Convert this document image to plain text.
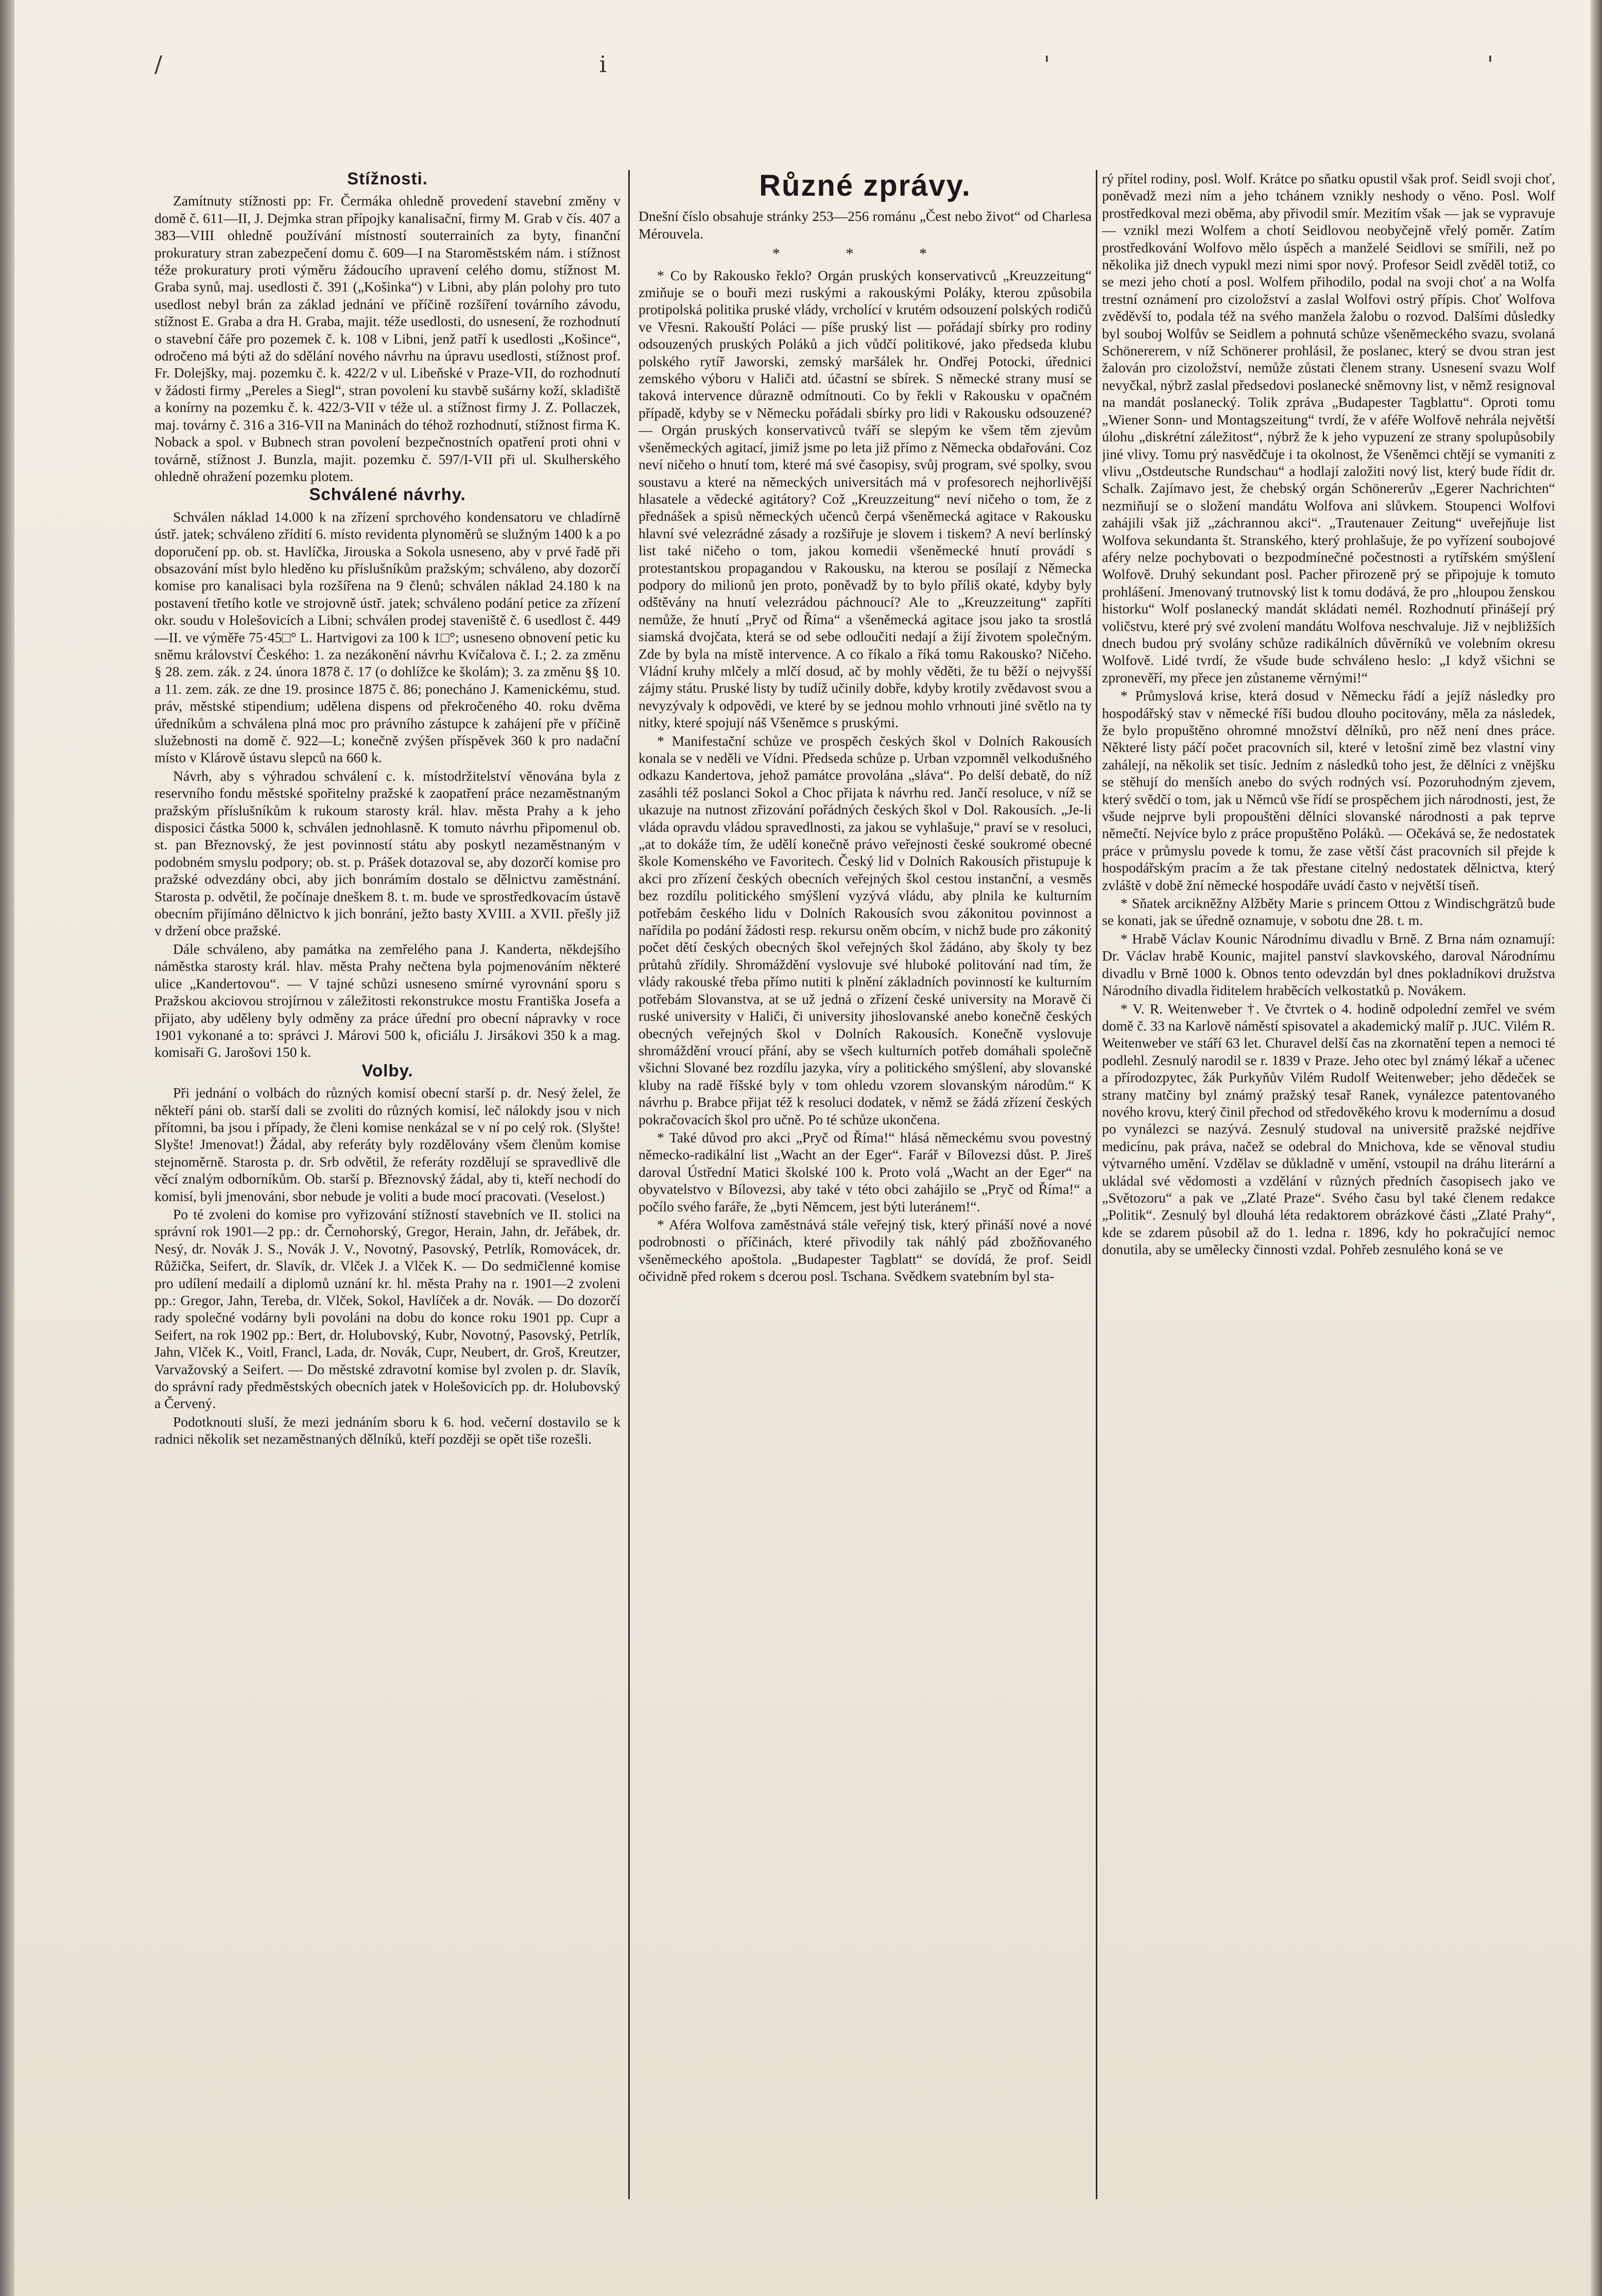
/	i	'	'
Stížnosti.

Zamítnuty stížnosti pp: Fr. Čermáka ohledně provedení stavební změny v domě č. 611—II, J. Dejmka stran přípojky kanalisační, firmy M. Grab v čís. 407 a 383—VIII ohledně používání místností souterrainích za byty, finanční prokuratury stran zabezpečení domu č. 609—I na Staroměstském nám. i stížnost téže prokuratury proti výměru žádoucího upravení celého domu, stížnost M. Graba synů, maj. usedlosti č. 391 („Košinka“) v Libni, aby plán polohy pro tuto usedlost nebyl brán za základ jednání ve příčině rozšíření továrního závodu, stížnost E. Graba a dra H. Graba, majit. téže usedlosti, do usnesení, že rozhodnutí o stavební čáře pro pozemek č. k. 108 v Libni, jenž patří k usedlosti „Košince“, odročeno má býti až do sdělání nového návrhu na úpravu usedlosti, stížnost prof. Fr. Dolejšky, maj. pozemku č. k. 422/2 v ul. Libeňské v Praze-VII, do rozhodnutí v žádosti firmy „Pereles a Siegl“, stran povolení ku stavbě sušárny koží, skladiště a konírny na pozemku č. k. 422/3-VII v téže ul. a stížnost firmy J. Z. Pollaczek, maj. továrny č. 316 a 316-VII na Maninách do téhož rozhodnutí, stížnost firma K. Noback a spol. v Bubnech stran povolení bezpečnostních opatření proti ohni v továrně, stížnost J. Bunzla, majit. pozemku č. 597/I-VII při ul. Skulherského ohledně ohražení pozemku plotem.

Schválené návrhy.

Schválen náklad 14.000 k na zřízení sprchového kondensatoru ve chladírně ústř. jatek; schváleno zřídití 6. místo revidenta plynoměrů se služným 1400 k a po doporučení pp. ob. st. Havlíčka, Jirouska a Sokola usneseno, aby v prvé řadě při obsazování míst bylo hleděno ku příslušníkům pražským; schváleno, aby dozorčí komise pro kanalisaci byla rozšířena na 9 členů; schválen náklad 24.180 k na postavení třetího kotle ve strojovně ústř. jatek; schváleno podání petice za zřízení okr. soudu v Holešovicích a Libni; schválen prodej staveniště č. 6 usedlost č. 449—II. ve výměře 75·45□° L. Hartvigovi za 100 k 1□°; usneseno obnovení petic ku sněmu království Českého: 1. za nezákonění návrhu Kvíčalova č. I.; 2. za změnu § 28. zem. zák. z 24. února 1878 č. 17 (o dohlížce ke školám); 3. za změnu §§ 10. a 11. zem. zák. ze dne 19. prosince 1875 č. 86; ponecháno J. Kamenickému, stud. práv, městské stipendium; udělena dispens od překročeného 40. roku dvěma úředníkům a schválena plná moc pro právního zástupce k zahájení pře v příčině služebnosti na domě č. 922—L; konečně zvýšen příspěvek 360 k pro nadační místo v Klárově ústavu slepců na 660 k.

Návrh, aby s výhradou schválení c. k. místodržitelství věnována byla z reservního fondu městské spořitelny pražské k zaopatření práce nezaměstnaným pražským příslušníkům k rukoum starosty král. hlav. města Prahy a k jeho disposici částka 5000 k, schválen jednohlasně. K tomuto návrhu připomenul ob. st. pan Březnovský, že jest povinností státu aby poskytl nezaměstnaným v podobném smyslu podpory; ob. st. p. Prášek dotazoval se, aby dozorčí komise pro pražské odvezdány obci, aby jich bonrámím dostalo se dělnictvu zaměstnání. Starosta p. odvětil, že počínaje dneškem 8. t. m. bude ve sprostředkovacím ústavě obecním přijímáno dělnictvo k jich bonrání, ježto basty XVIII. a XVII. přešly již v držení obce pražské.

Dále schváleno, aby památka na zemřelého pana J. Kanderta, někdejšího náměstka starosty král. hlav. města Prahy nečtena byla pojmenováním některé ulice „Kandertovou“. — V tajné schůzi usneseno smírné vyrovnání sporu s Pražskou akciovou strojírnou v záležitosti rekonstrukce mostu Františka Josefa a přijato, aby uděleny byly odměny za práce úřední pro obecní nápravky v roce 1901 vykonané a to: správci J. Márovi 500 k, oficiálu J. Jirsákovi 350 k a mag. komisaři G. Jarošovi 150 k.

Volby.

Při jednání o volbách do různých komisí obecní starší p. dr. Nesý želel, že někteří páni ob. starší dali se zvoliti do různých komisí, leč nálokdy jsou v nich přítomni, ba jsou i případy, že členi komise nenkázal se v ní po celý rok. (Slyšte! Slyšte! Jmenovat!) Žádal, aby referáty byly rozdělovány všem členům komise stejnoměrně. Starosta p. dr. Srb odvětil, že referáty rozdělují se spravedlivě dle věcí znalým odborníkům. Ob. starší p. Březnovský žádal, aby ti, kteří nechodí do komisí, byli jmenováni, sbor nebude je voliti a bude mocí pracovati. (Veselost.)

Po té zvoleni do komise pro vyřizování stížností stavebních ve II. stolici na správní rok 1901—2 pp.: dr. Černohorský, Gregor, Herain, Jahn, dr. Jeřábek, dr. Nesý, dr. Novák J. S., Novák J. V., Novotný, Pasovský, Petrlík, Romovácek, dr. Růžička, Seifert, dr. Slavík, dr. Vlček J. a Vlček K. — Do sedmičlenné komise pro udílení medailí a diplomů uznání kr. hl. města Prahy na r. 1901—2 zvoleni pp.: Gregor, Jahn, Tereba, dr. Vlček, Sokol, Havlíček a dr. Novák. — Do dozorčí rady společné vodárny byli povoláni na dobu do konce roku 1901 pp. Cupr a Seifert, na rok 1902 pp.: Bert, dr. Holubovský, Kubr, Novotný, Pasovský, Petrlík, Jahn, Vlček K., Voitl, Francl, Lada, dr. Novák, Cupr, Neubert, dr. Groš, Kreutzer, Varvažovský a Seifert. — Do městské zdravotní komise byl zvolen p. dr. Slavík, do správní rady předměstských obecních jatek v Holešovicích pp. dr. Holubovský a Červený.

Podotknouti sluší, že mezi jednáním sboru k 6. hod. večerní dostavilo se k radnici několik set nezaměstnaných dělníků, kteří později se opět tiše rozešli.

Různé zprávy.

Dnešní číslo obsahuje stránky 253—256 románu „Čest nebo život“ od Charlesa Mérouvela.

* * *

* Co by Rakousko řeklo? Orgán pruských konservativců „Kreuzzeitung“ zmiňuje se o bouři mezi ruskými a rakouskými Poláky, kterou způsobila protipolská politika pruské vlády, vrcholící v krutém odsouzení polských rodičů ve Vřesni. Rakouští Poláci — píše pruský list — pořádají sbírky pro rodiny odsouzených pruských Poláků a jich vůdčí politikové, jako předseda klubu polského rytíř Jaworski, zemský maršálek hr. Ondřej Potocki, úřednici zemského výboru v Haliči atd. účastní se sbírek. S německé strany musí se taková intervence důrazně odmítnouti. Co by řekli v Rakousku v opačném případě, kdyby se v Německu pořádali sbírky pro lidi v Rakousku odsouzené? — Orgán pruských konservativců tváří se slepým ke všem těm zjevům všeněmeckých agitací, jimiž jsme po leta již přímo z Německa obdařováni. Coz neví ničeho o hnutí tom, které má své časopisy, svůj program, své spolky, svou soustavu a které na německých universitách má v profesorech nejhorlivější hlasatele a vědecké agitátory? Což „Kreuzzeitung“ neví ničeho o tom, že z přednášek a spisů německých učenců čerpá všeněmecká agitace v Rakousku hlavní své velezrádné zásady a rozšiřuje je slovem i tiskem? A neví berlínský list také ničeho o tom, jakou komedii všeněmecké hnutí provádí s protestantskou propagandou v Rakousku, na kterou se posílají z Německa podpory do milionů jen proto, poněvadž by to bylo příliš okaté, kdyby byly odštěvány na hnutí velezrádou páchnoucí? Ale to „Kreuzzeitung“ zapříti nemůže, že hnutí „Pryč od Říma“ a všeněmecká agitace jsou jako ta srostlá siamská dvojčata, která se od sebe odloučiti nedají a žijí životem společným. Zde by byla na místě intervence. A co říkalo a říká tomu Rakousko? Ničeho. Vládní kruhy mlčely a mlčí dosud, ač by mohly věděti, že tu běží o nejvyšší zájmy státu. Pruské listy by tudíž učinily dobře, kdyby krotily zvědavost svou a nevyzývaly k odpovědi, ve které by se jednou mohlo vrhnouti jiné světlo na ty nitky, které spojují náš Všeněmce s pruskými.

* Manifestační schůze ve prospěch českých škol v Dolních Rakousích konala se v neděli ve Vídni. Předseda schůze p. Urban vzpomněl velkodušného odkazu Kandertova, jehož památce provolána „sláva“. Po delší debatě, do níž zasáhli též poslanci Sokol a Choc přijata k návrhu red. Jančí resoluce, v níž se ukazuje na nutnost zřizování pořádných českých škol v Dol. Rakousích. „Je-li vláda opravdu vládou spravedlnosti, za jakou se vyhlašuje,“ praví se v resoluci, „at to dokáže tím, že udělí konečně právo veřejnosti české soukromé obecné škole Komenského ve Favoritech. Český lid v Dolních Rakousích přistupuje k akci pro zřízení českých obecních veřejných škol cestou instanční, a vesměs bez rozdílu politického smýšlení vyzývá vládu, aby plnila ke kulturním potřebám českého lidu v Dolních Rakousích svou zákonitou povinnost a nařídila po podání žádosti resp. rekursu oněm obcím, v nichž bude pro zákonitý počet dětí českých obecných škol veřejných škol žádáno, aby školy ty bez průtahů zřídily. Shromáždění vyslovuje své hluboké politování nad tím, že vlády rakouské třeba přímo nutiti k plnění základních povinností ke kulturním potřebám Slovanstva, at se už jedná o zřízení české university na Moravě či ruské university v Haliči, či university jihoslovanské anebo konečně českých obecných veřejných škol v Dolních Rakousích. Konečně vyslovuje shromáždění vroucí přání, aby se všech kulturních potřeb domáhali společně všichni Slované bez rozdílu jazyka, víry a politického smýšlení, aby slovanské kluby na radě říšské byly v tom ohledu vzorem slovanským národům.“ K návrhu p. Brabce přijat též k resoluci dodatek, v němž se žádá zřízení českých pokračovacích škol pro učně. Po té schůze ukončena.

* Také důvod pro akci „Pryč od Říma!“ hlásá německému svou povestný německo-radikální list „Wacht an der Eger“. Farář v Bílovezsi důst. P. Jireš daroval Ústřední Matici školské 100 k. Proto volá „Wacht an der Eger“ na obyvatelstvo v Bílovezsi, aby také v této obci zahájilo se „Pryč od Říma!“ a počílo svého faráře, že „byti Němcem, jest býti luteránem!“.

* Aféra Wolfova zaměstnává stále veřejný tisk, který přináší nové a nové podrobnosti o příčinách, které přivodily tak náhlý pád zbožňovaného všeněmeckého apoštola. „Budapester Tagblatt“ se dovídá, že prof. Seidl očividně před rokem s dcerou posl. Tschana. Svědkem svatebním byl sta-

rý přítel rodiny, posl. Wolf. Krátce po sňatku opustil však prof. Seidl svoji choť, poněvadž mezi ním a jeho tchánem vznikly neshody o věno. Posl. Wolf prostředkoval mezi oběma, aby přivodil smír. Mezitím však — jak se vypravuje — vznikl mezi Wolfem a chotí Seidlovou neobyčejně vřelý poměr. Zatím prostředkování Wolfovo mělo úspěch a manželé Seidlovi se smířili, než po několika již dnech vypukl mezi nimi spor nový. Profesor Seidl zvěděl totiž, co se mezi jeho chotí a posl. Wolfem přihodilo, podal na svoji choť a na Wolfa trestní oznámení pro cizoložství a zaslal Wolfovi ostrý přípis. Choť Wolfova zvěděvší to, podala též na svého manžela žalobu o rozvod. Dalšími důsledky byl souboj Wolfův se Seidlem a pohnutá schůze všeněmeckého svazu, svolaná Schönererem, v níž Schönerer prohlásil, že poslanec, který se dvou stran jest žalován pro cizoložství, nemůže zůstati členem strany. Usnesení svazu Wolf nevyčkal, nýbrž zaslal předsedovi poslanecké sněmovny list, v němž resignoval na mandát poslanecký. Tolik zpráva „Budapester Tagblattu“. Oproti tomu „Wiener Sonn- und Montagszeitung“ tvrdí, že v aféře Wolfově nehrála největší úlohu „diskrétní záležitost“, nýbrž že k jeho vypuzení ze strany spolupůsobily jiné vlivy. Tomu prý nasvědčuje i ta okolnost, že Všeněmci chtějí se vymaniti z vlivu „Ostdeutsche Rundschau“ a hodlají založiti nový list, který bude řídit dr. Schalk. Zajímavo jest, že chebský orgán Schönererův „Egerer Nachrichten“ nezmiňují se o složení mandátu Wolfova ani slůvkem. Stoupenci Wolfovi zahájili však již „záchrannou akci“. „Trautenauer Zeitung“ uveřejňuje list Wolfova sekundanta št. Stranského, který prohlašuje, že po vyřízení soubojové aféry nelze pochybovati o bezpodmínečné počestnosti a rytířském smýšlení Wolfově. Druhý sekundant posl. Pacher přirozeně prý se připojuje k tomuto prohlášení. Jmenovaný trutnovský list k tomu dodává, že pro „hloupou ženskou historku“ Wolf poslanecký mandát skládati nemél. Rozhodnutí přinášejí prý voličstvu, které prý své zvolení mandátu Wolfova neschvaluje. Již v nejbližších dnech budou prý svolány schůze radikálních důvěrníků ve volebním okresu Wolfově. Lidé tvrdí, že všude bude schváleno heslo: „I když všichni se zpronevěří, my přece jen zůstaneme věrnými!“

* Průmyslová krise, která dosud v Německu řádí a jejíž následky pro hospodářský stav v německé říši budou dlouho pocitovány, měla za následek, že bylo propuštěno ohromné množství dělníků, pro něž není dnes práce. Některé listy páčí počet pracovních sil, které v letošní zimě bez vlastní viny zahálejí, na několik set tisíc. Jedním z následků toho jest, že dělníci z vnějšku se stěhují do menších anebo do svých rodných vsí. Pozoruhodným zjevem, který svědčí o tom, jak u Němců vše řídí se prospěchem jich národnosti, jest, že všude nejprve byli propouštěni dělníci slovanské národnosti a pak teprve němečtí. Nejvíce bylo z práce propuštěno Poláků. — Očekává se, že nedostatek práce v průmyslu povede k tomu, že zase větší část pracovních sil přejde k hospodářským pracím a že tak přestane citelný nedostatek dělnictva, který zvláště v době žní německé hospodáře uvádí často v největší tíseň.

* Sňatek arcikněžny Alžběty Marie s princem Ottou z Windischgrätzů bude se konati, jak se úředně oznamuje, v sobotu dne 28. t. m.

* Hrabě Václav Kounic Národnímu divadlu v Brně. Z Brna nám oznamují: Dr. Václav hrabě Kounic, majitel panství slavkovského, daroval Národnímu divadlu v Brně 1000 k. Obnos tento odevzdán byl dnes pokladníkovi družstva Národního divadla řiditelem hraběcích velkostatků p. Novákem.

* V. R. Weitenweber †. Ve čtvrtek o 4. hodině odpolední zemřel ve svém domě č. 33 na Karlově náměstí spisovatel a akademický malíř p. JUC. Vilém R. Weitenweber ve stáří 63 let. Churavel delší čas na zkornatění tepen a nemoci té podlehl. Zesnulý narodil se r. 1839 v Praze. Jeho otec byl známý lékař a učenec a přírodozpytec, žák Purkyňův Vilém Rudolf Weitenweber; jeho dědeček se strany matčiny byl známý pražský tesař Ranek, vynálezce patentovaného nového krovu, který činil přechod od středověkého krovu k modernímu a dosud po vynálezci se nazývá. Zesnulý studoval na universitě pražské nejdříve medicínu, pak práva, načež se odebral do Mnichova, kde se věnoval studiu výtvarného umění. Vzdělav se důkladně v umění, vstoupil na dráhu literární a ukládal své vědomosti a vzdělání v různých předních časopisech jako ve „Světozoru“ a pak ve „Zlaté Praze“. Svého času byl také členem redakce „Politik“. Zesnulý byl dlouhá léta redaktorem obrázkové části „Zlaté Prahy“, kde se zdarem působil až do 1. ledna r. 1896, kdy ho pokračující nemoc donutila, aby se umělecky činnosti vzdal. Pohřeb zesnulého koná se ve
